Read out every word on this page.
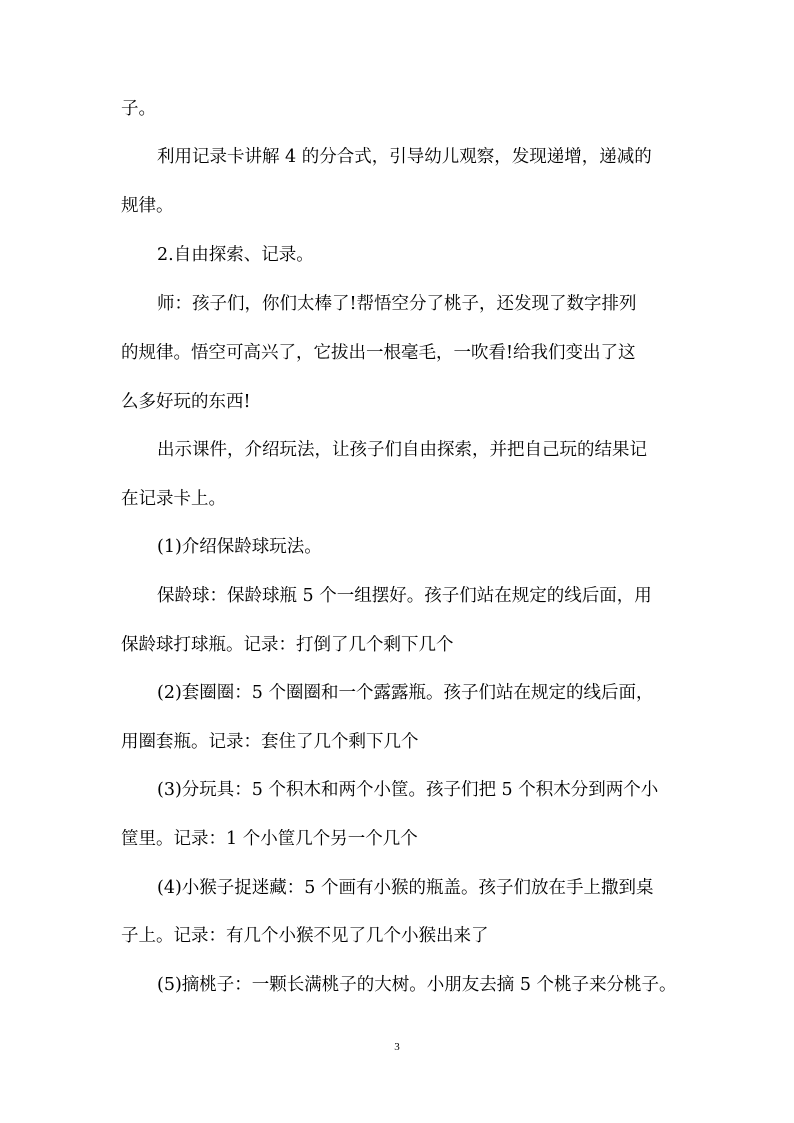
子。
利用记录卡讲解 4 的分合式，引导幼儿观察，发现递增，递减的
规律。
2.自由探索、记录。
师：孩子们，你们太棒了!帮悟空分了桃子，还发现了数字排列
的规律。悟空可高兴了，它拔出一根毫毛，一吹看!给我们变出了这
么多好玩的东西!
出示课件，介绍玩法，让孩子们自由探索，并把自己玩的结果记
在记录卡上。
(1)介绍保龄球玩法。
保龄球：保龄球瓶 5 个一组摆好。孩子们站在规定的线后面，用
保龄球打球瓶。记录：打倒了几个剩下几个
(2)套圈圈：5 个圈圈和一个露露瓶。孩子们站在规定的线后面，
用圈套瓶。记录：套住了几个剩下几个
(3)分玩具：5 个积木和两个小筐。孩子们把 5 个积木分到两个小
筐里。记录：1 个小筐几个另一个几个
(4)小猴子捉迷藏：5 个画有小猴的瓶盖。孩子们放在手上撒到桌
子上。记录：有几个小猴不见了几个小猴出来了
(5)摘桃子：一颗长满桃子的大树。小朋友去摘 5 个桃子来分桃子。
3
